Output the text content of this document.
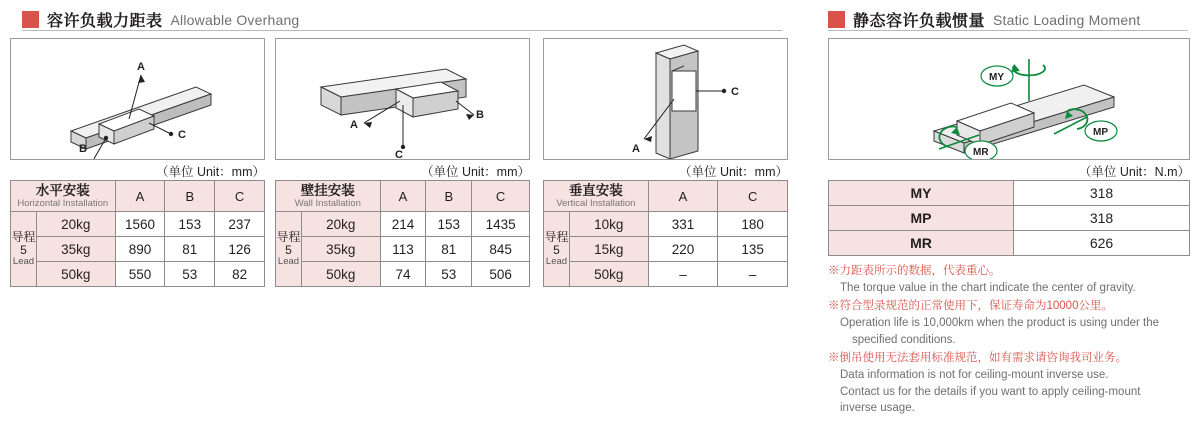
容许负载力距表 Allowable Overhang	静态容许负载惯量 Static Loading Moment
A
B
C
（单位 Unit：mm）
A
B
C
（单位 Unit：mm）
A
C
（单位 Unit：mm）
MY
MP
MR
（单位 Unit：N.m）
水平安装
Horizontal Installation		A	B	C

导程
5
Lead	20kg	1560	153	237
	35kg	890	81	126
	50kg	550	53	82
壁挂安装
Wall Installation		A	B	C

导程
5
Lead	20kg	214	153	1435
	35kg	113	81	845
	50kg	74	53	506
垂直安装
Vertical Installation		A	C

导程
5
Lead	10kg	331	180
	15kg	220	135
	50kg	–	–
MY	318
MP	318
MR	626
※力距表所示的数据，代表重心。
The torque value in the chart indicate the center of gravity.
※符合型录规范的正常使用下，保证寿命为10000公里。
Operation life is 10,000km when the product is using under the
specified conditions.
※倒吊使用无法套用标准规范，如有需求请咨询我司业务。
Data information is not for ceiling-mount inverse use.
Contact us for the details if you want to apply ceiling-mount
inverse usage.
